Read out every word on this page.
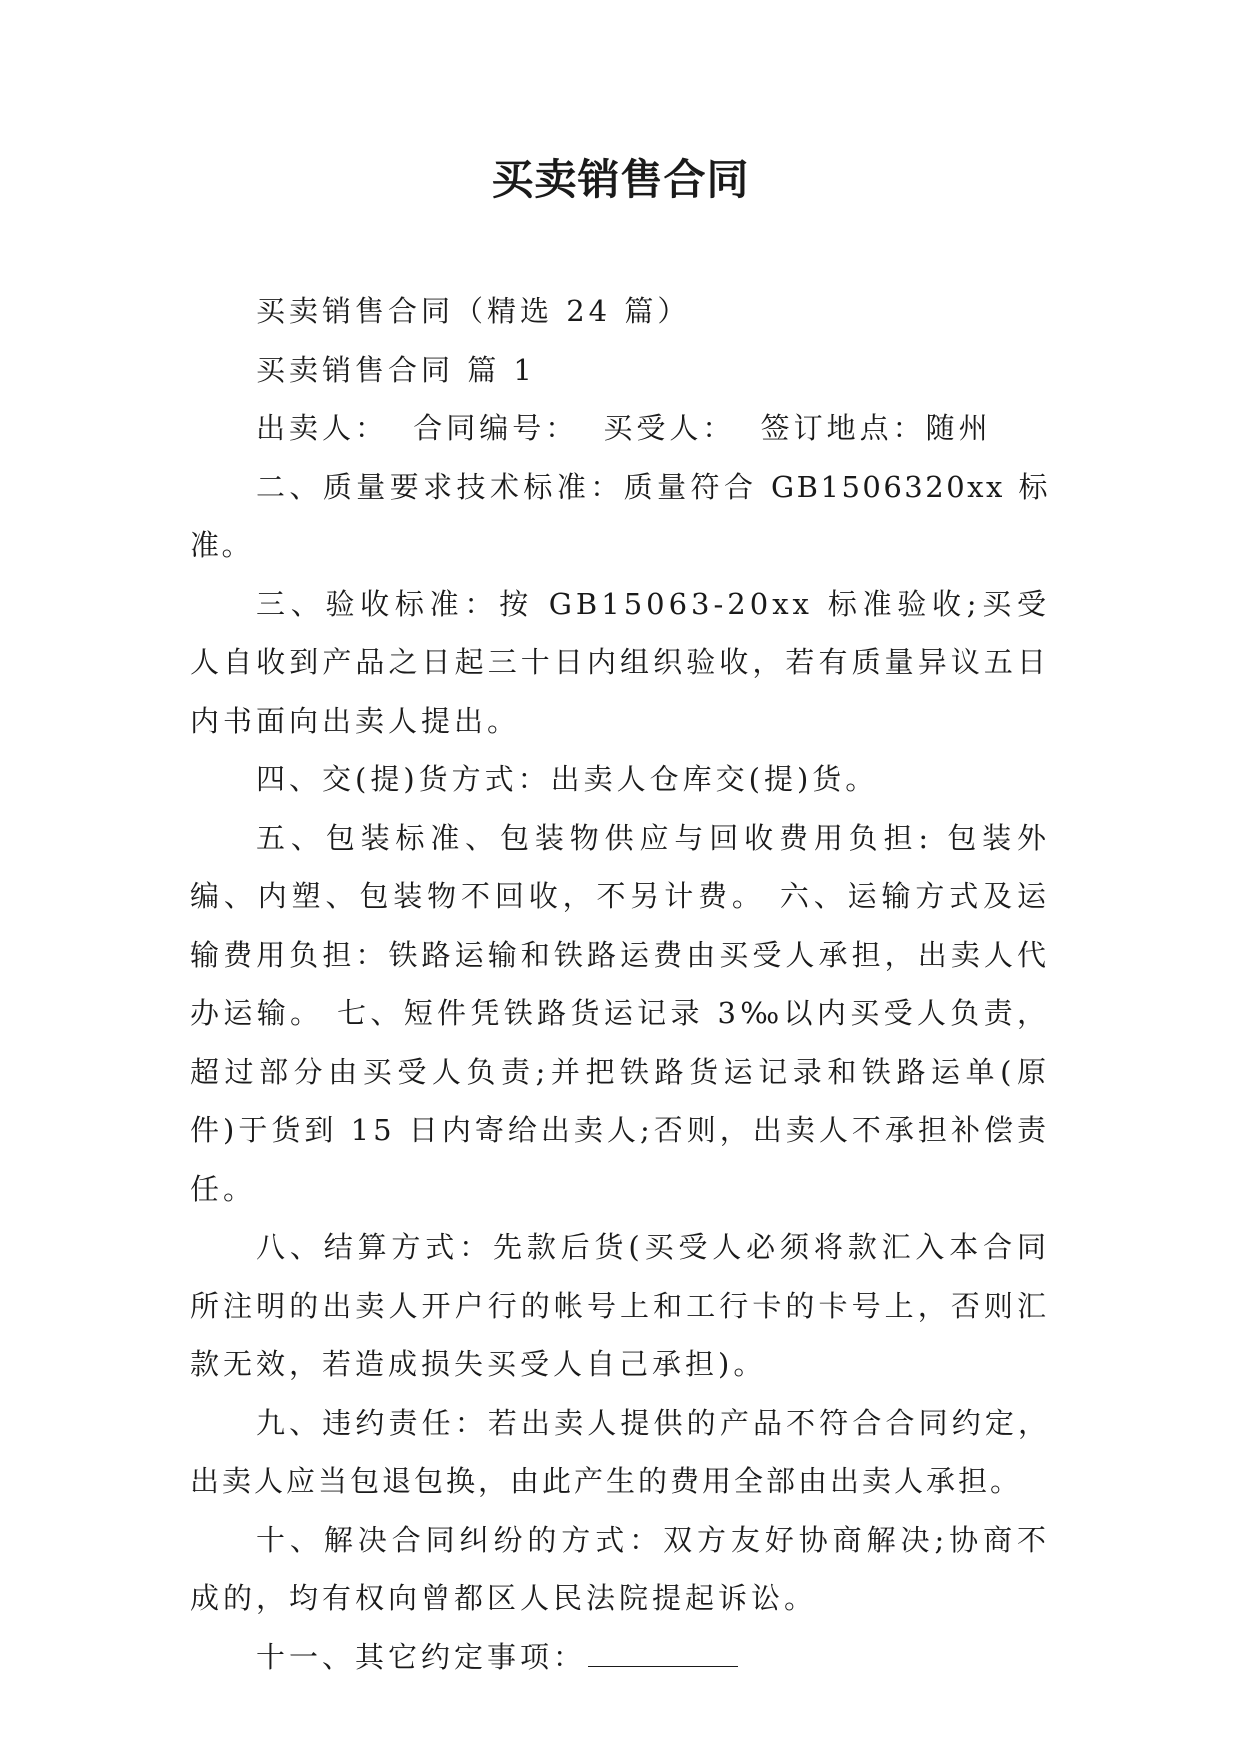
买卖销售合同

买卖销售合同（精选 24 篇）

买卖销售合同 篇 1

出卖人： 合同编号： 买受人： 签订地点：随州

二、质量要求技术标准：质量符合 GB1506320xx 标准。

三、验收标准：按 GB15063-20xx 标准验收;买受人自收到产品之日起三十日内组织验收，若有质量异议五日内书面向出卖人提出。

四、交(提)货方式：出卖人仓库交(提)货。

五、包装标准、包装物供应与回收费用负担: 包装外编、内塑、包装物不回收，不另计费。 六、运输方式及运输费用负担：铁路运输和铁路运费由买受人承担，出卖人代办运输。 七、短件凭铁路货运记录 3‰以内买受人负责，超过部分由买受人负责;并把铁路货运记录和铁路运单(原件)于货到 15 日内寄给出卖人;否则，出卖人不承担补偿责任。

八、结算方式：先款后货(买受人必须将款汇入本合同所注明的出卖人开户行的帐号上和工行卡的卡号上，否则汇款无效，若造成损失买受人自己承担)。

九、违约责任：若出卖人提供的产品不符合合同约定，出卖人应当包退包换，由此产生的费用全部由出卖人承担。

十、解决合同纠纷的方式：双方友好协商解决;协商不成的，均有权向曾都区人民法院提起诉讼。

十一、其它约定事项：
